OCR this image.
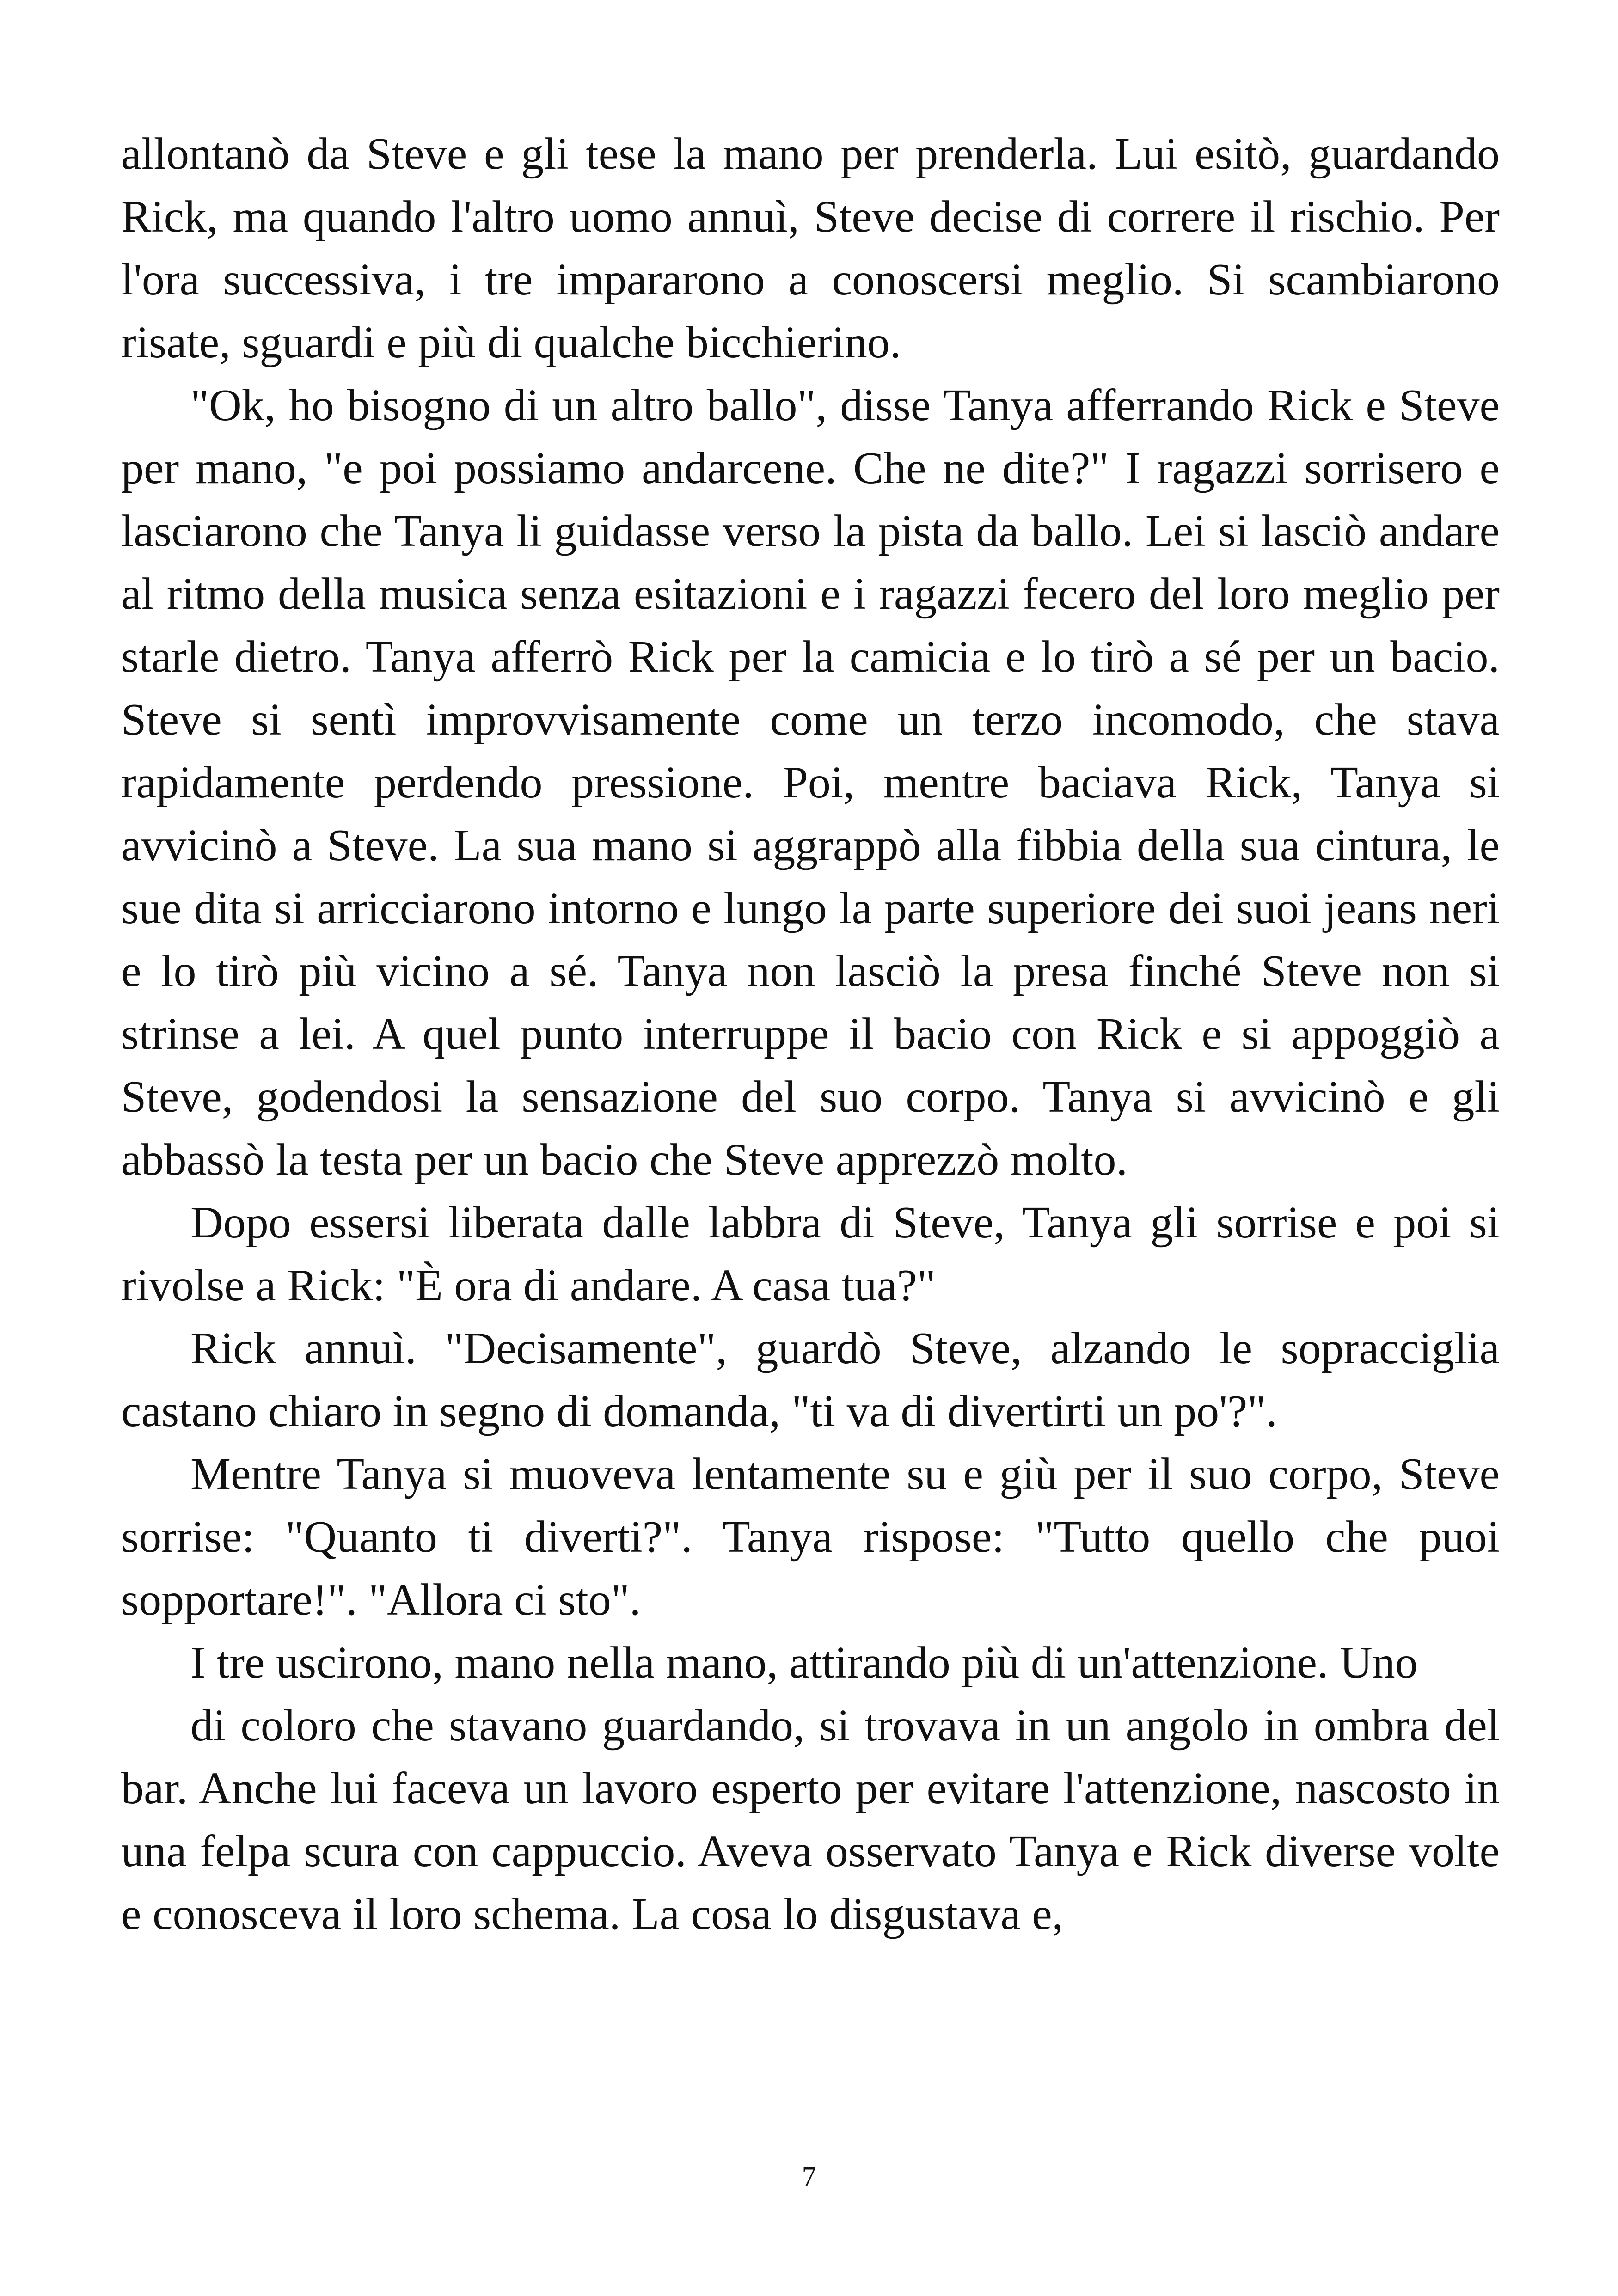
allontanò da Steve e gli tese la mano per prenderla. Lui esitò, guardando Rick, ma quando l'altro uomo annuì, Steve decise di correre il rischio. Per l'ora successiva, i tre impararono a conoscersi meglio. Si scambiarono risate, sguardi e più di qualche bicchierino.

"Ok, ho bisogno di un altro ballo", disse Tanya afferrando Rick e Steve per mano, "e poi possiamo andarcene. Che ne dite?" I ragazzi sorrisero e lasciarono che Tanya li guidasse verso la pista da ballo. Lei si lasciò andare al ritmo della musica senza esitazioni e i ragazzi fecero del loro meglio per starle dietro. Tanya afferrò Rick per la camicia e lo tirò a sé per un bacio. Steve si sentì improvvisamente come un terzo incomodo, che stava rapidamente perdendo pressione. Poi, mentre baciava Rick, Tanya si avvicinò a Steve. La sua mano si aggrappò alla fibbia della sua cintura, le sue dita si arricciarono intorno e lungo la parte superiore dei suoi jeans neri e lo tirò più vicino a sé. Tanya non lasciò la presa finché Steve non si strinse a lei. A quel punto interruppe il bacio con Rick e si appoggiò a Steve, godendosi la sensazione del suo corpo. Tanya si avvicinò e gli abbassò la testa per un bacio che Steve apprezzò molto.

Dopo essersi liberata dalle labbra di Steve, Tanya gli sorrise e poi si rivolse a Rick: "È ora di andare. A casa tua?"

Rick annuì. "Decisamente", guardò Steve, alzando le sopracciglia castano chiaro in segno di domanda, "ti va di divertirti un po'?".

Mentre Tanya si muoveva lentamente su e giù per il suo corpo, Steve sorrise: "Quanto ti diverti?". Tanya rispose: "Tutto quello che puoi sopportare!". "Allora ci sto".

I tre uscirono, mano nella mano, attirando più di un'attenzione. Uno

di coloro che stavano guardando, si trovava in un angolo in ombra del bar. Anche lui faceva un lavoro esperto per evitare l'attenzione, nascosto in una felpa scura con cappuccio. Aveva osservato Tanya e Rick diverse volte e conosceva il loro schema. La cosa lo disgustava e,

7
